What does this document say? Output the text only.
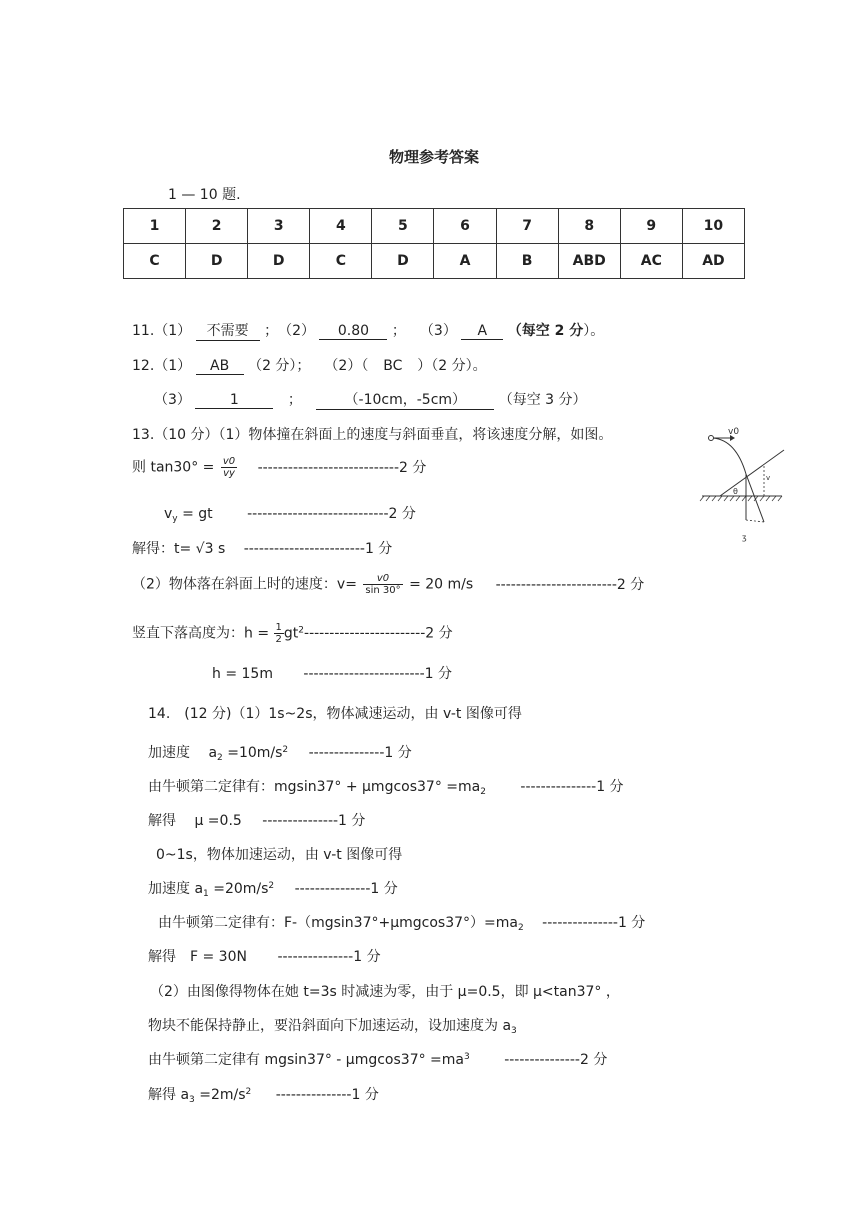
物理参考答案
1 — 10 题.
1	2	3	4	5	6	7	8	9	10
C	D	D	C	D	A	B	ABD	AC	AD
11.（1） 不需要 ；　（2） 0.80 ；　　（3） A （每空 2 分）。
12.（1） AB （2 分）；　　（2）（ BC ）（2 分）。
（3）	1	；	（-10cm，-5cm） （每空 3 分）
13.（10 分）（1）物体撞在斜面上的速度与斜面垂直，将该速度分解，如图。
则 $\tan 30^\circ = \frac{v0}{vy} ----------------------------2$ 分
$v_y$ = gt ----------------------------2 分
解得：t= √3 s ------------------------1 分
（2）物体落在斜面上时的速度：$v= \frac{v0}{\sin 30^\circ} = 20$ m/s ------------------------2 分
竖直下落高度为：$h = \frac{1}{2} gt^2------------------------2$ 分
h = 15m ------------------------1 分
v0
θ
v
ʒ
14.　(12 分)（1）1s~2s，物体减速运动，由 v-t 图像可得
加速度　 $a_2 =10m/s^2$ ---------------1 分
由牛顿第二定律有：$mgsin37^\circ + \mu mgcos37^\circ =ma_2$ ---------------1 分
解得　 μ =0.5 ---------------1 分
0~1s，物体加速运动，由 v-t 图像可得
加速度 $a_1 =20m/s^2$ ---------------1 分
由牛顿第二定律有：$F-(mgsin37^\circ+\mu mgcos37^\circ)=ma_2$ ---------------1 分
解得　F = 30N ---------------1 分
（2）由图像得物体在她 t=3s 时减速为零，由于 μ=0.5，即 μ<tan37° ，
物块不能保持静止，要沿斜面向下加速运动，设加速度为 $a_3$
由牛顿第二定律有 $mgsin37^\circ - \mu mgcos37^\circ =ma^3$ ---------------2 分
解得 $a_3 =2m/s^2$ ---------------1 分
